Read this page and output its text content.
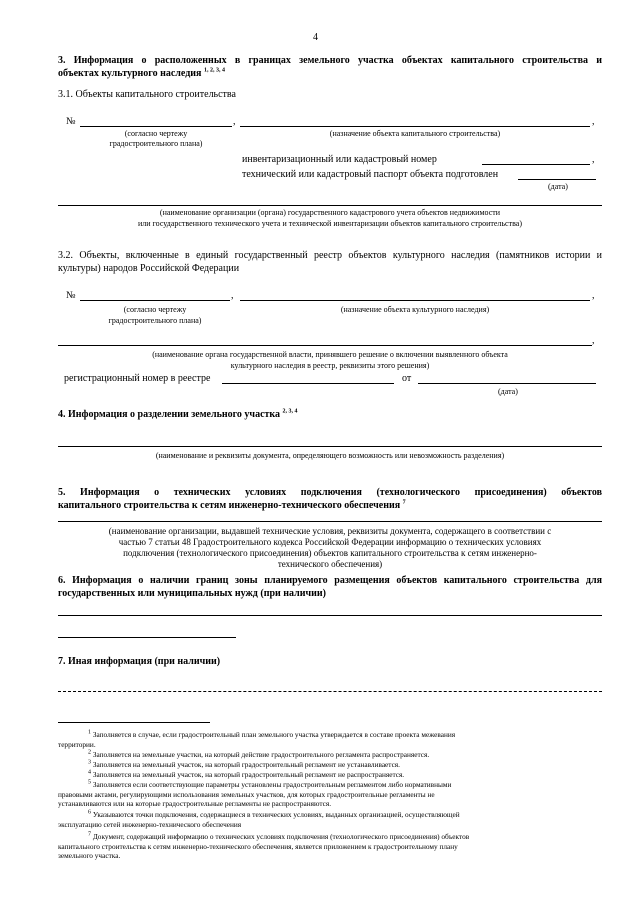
4
3. Информация о расположенных в границах земельного участка объектах капитального строительства и
объектах культурного наследия $^{1, 2, 3, 4}$
3.1. Объекты капитального строительства
№	,	,
(согласно чертежу
градостроительного плана)
(назначение объекта капитального строительства)
инвентаризационный или кадастровый номер	,
технический или кадастровый паспорт объекта подготовлен
(дата)
(наименование организации (органа) государственного кадастрового учета объектов недвижимости
или государственного технического учета и технической инвентаризации объектов капитального строительства)
3.2. Объекты, включенные в единый государственный реестр объектов культурного наследия (памятников истории и
культуры) народов Российской Федерации
№	,	,
(согласно чертежу
градостроительного плана)
(назначение объекта культурного наследия)
,
(наименование органа государственной власти, принявшего решение о включении выявленного объекта
культурного наследия в реестр, реквизиты этого решения)
регистрационный номер в реестре	от
(дата)
4. Информация о разделении земельного участка $^{2, 3, 4}$
(наименование и реквизиты документа, определяющего возможность или невозможность разделения)
5. Информация о технических условиях подключения (технологического присоединения) объектов
капитального строительства к сетям инженерно-технического обеспечения $^7$
(наименование организации, выдавшей технические условия, реквизиты документа, содержащего в соответствии с
частью 7 статьи 48 Градостроительного кодекса Российской Федерации информацию о технических условиях
подключения (технологического присоединения) объектов капитального строительства к сетям инженерно-
технического обеспечения)
6. Информация о наличии границ зоны планируемого размещения объектов капитального строительства для
государственных или муниципальных нужд (при наличии)
7. Иная информация (при наличии)
$^1$ Заполняется в случае, если градостроительный план земельного участка утверждается в составе проекта межевания
территории.
$^2$ Заполняется на земельные участки, на который действие градостроительного регламента распространяется.
$^3$ Заполняется на земельный участок, на который градостроительный регламент не устанавливается.
$^4$ Заполняется на земельный участок, на который градостроительный регламент не распространяется.
$^5$ Заполняется если соответствующие параметры установлены градостроительным регламентом либо нормативными
правовыми актами, регулирующими использования земельных участков, для которых градостроительные регламенты не
устанавливаются или на которые градостроительные регламенты не распространяются.
$^6$ Указываются точки подключения, содержащиеся в технических условиях, выданных организацией, осуществляющей
эксплуатацию сетей инженерно-технического обеспечения
$^7$ Документ, содержащий информацию о технических условиях подключения (технологического присоединения) объектов
капитального строительства к сетям инженерно-технического обеспечения, является приложением к градостроительному плану
земельного участка.
